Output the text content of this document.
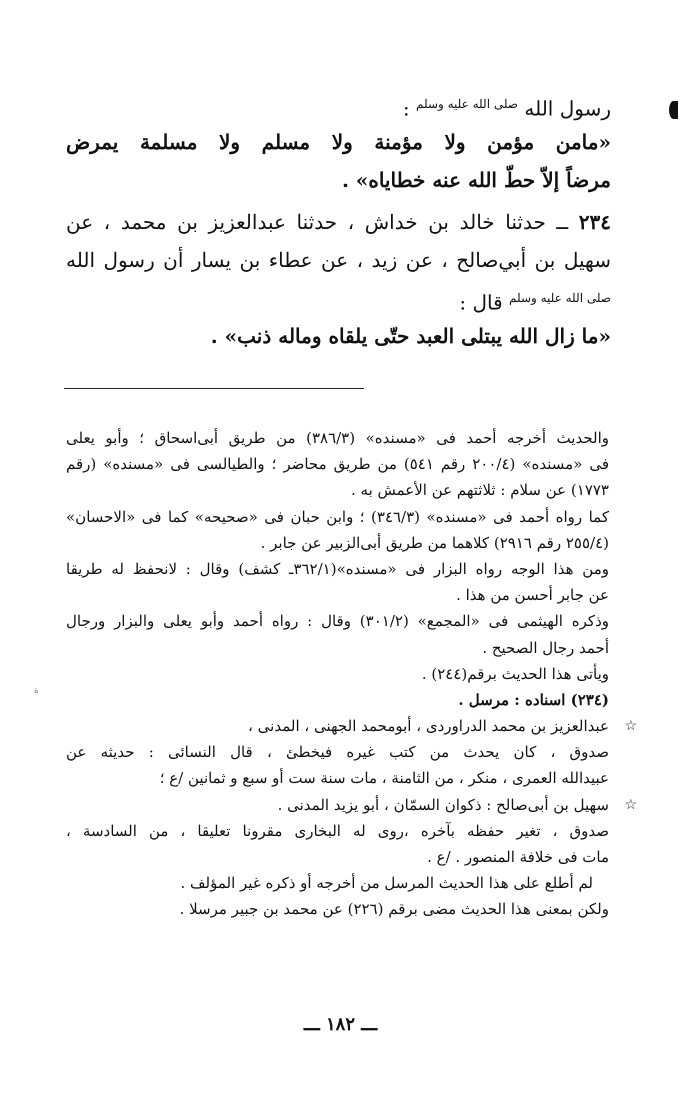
ة
رسول الله $^{صلى الله عليه وسلم}$ :
«مامن مؤمن ولا مؤمنة ولا مسلم ولا مسلمة يمرض
مرضاً إلاّ حطّ الله عنه خطاياه» .
٢٣٤ ــ حدثنا خالد بن خداش ، حدثنا عبدالعزيز بن محمد ، عن
سهيل بن أبي‌صالح ، عن زيد ، عن عطاء بن يسار أن رسول الله
$^{صلى الله عليه وسلم}$ قال :
«ما زال الله يبتلى العبد حتّى يلقاه وماله ذنب» .
والحديث أخرجه أحمد فى «مسنده» (٣٨٦/٣) من طريق أبى‌اسحاق ؛ وأبو يعلى
فى «مسنده» (٢٠٠/٤ رقم ٥٤١) من طريق محاضر ؛ والطيالسى فى «مسنده» (رقم
١٧٧٣) عن سلام : ثلاثتهم عن الأعمش به .
كما رواه أحمد فى «مسنده» (٣٤٦/٣) ؛ وابن حبان فى «صحيحه» كما فى «الاحسان»
(٢٥٥/٤ رقم ٢٩١٦) كلاهما من طريق أبى‌الزبير عن جابر .
ومن هذا الوجه رواه البزار فى «مسنده»(٣٦٢/١ـ كشف) وقال : لانحفظ له طريقا
عن جابر أحسن من هذا .
وذكره الهيثمى فى «المجمع» (٣٠١/٢) وقال : رواه أحمد وأبو يعلى والبزار ورجال
أحمد رجال الصحيح .
ويأتى هذا الحديث برقم(٢٤٤) .
(٢٣٤) اسناده : مرسل .
☆
عبدالعزيز بن محمد الدراوردى ، أبومحمد الجهنى ، المدنى ،
صدوق ، كان يحدث من كتب غيره فيخطئ ، قال النسائى : حديثه عن
عبيدالله العمرى ، منكر ، من الثامنة ، مات سنة ست أو سبع و ثمانين /ع ؛
☆
سهيل بن أبى‌صالح : ذكوان السمّان ، أبو يزيد المدنى .
صدوق ، تغير حفظه بآخره ،روى له البخارى مقرونا تعليقا ، من السادسة ،
مات فى خلافة المنصور . /ع .
لم أطلع على هذا الحديث المرسل من أخرجه أو ذكره غير المؤلف .
ولكن بمعنى هذا الحديث مضى برقم (٢٢٦) عن محمد بن جبير مرسلا .
ـــ ١٨٢ ـــ
